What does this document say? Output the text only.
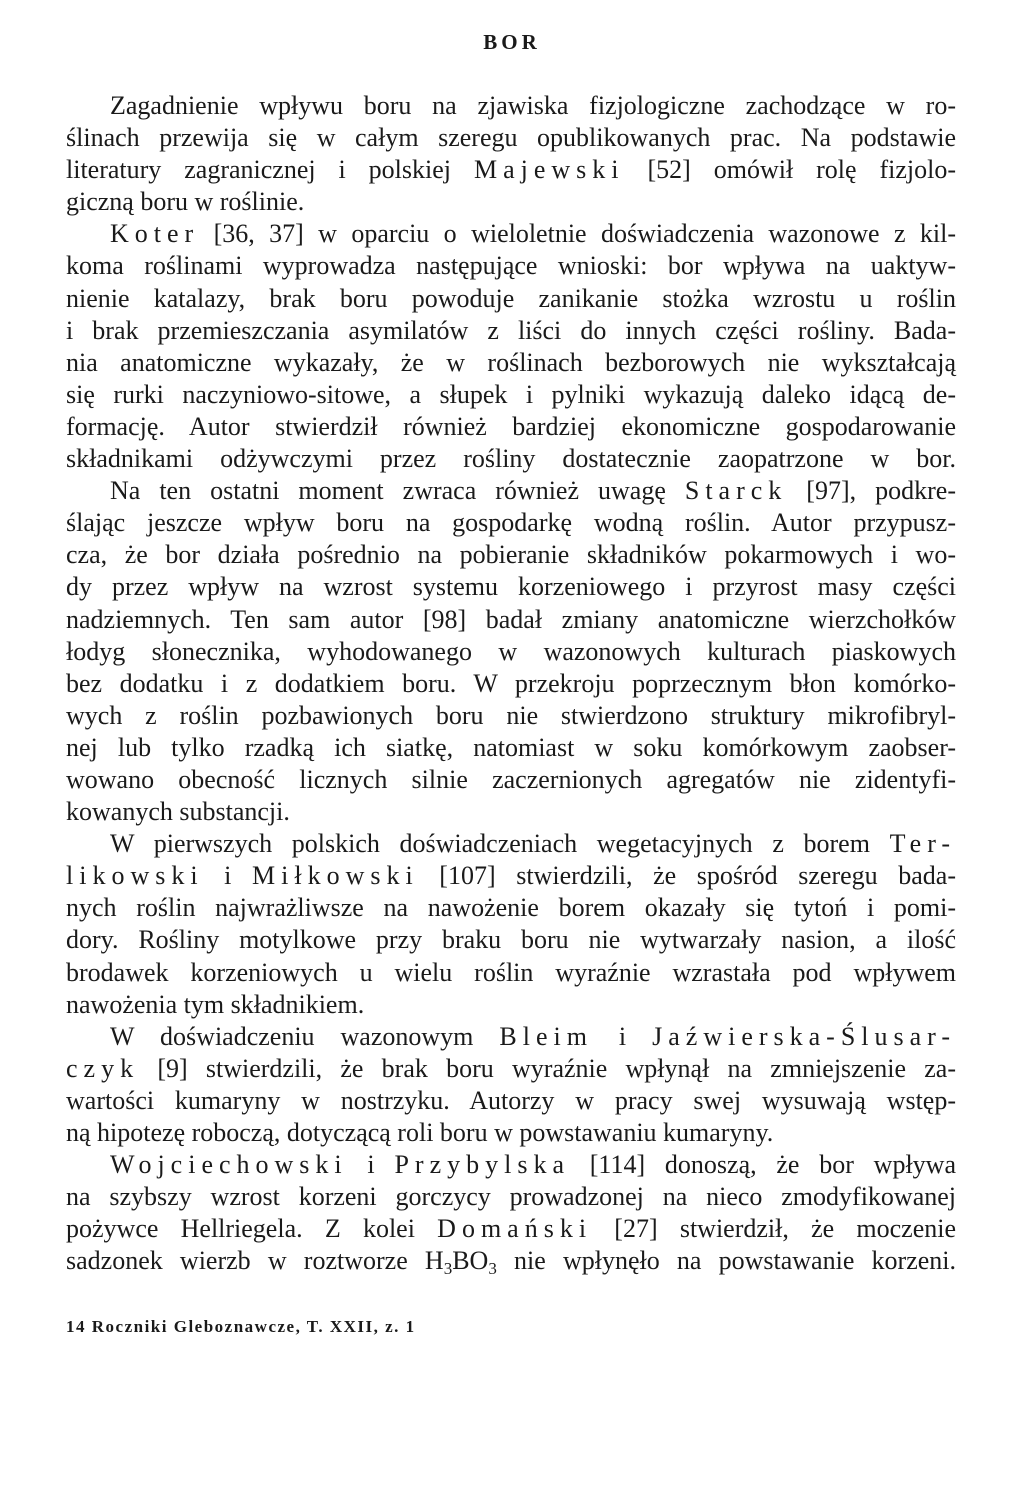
BOR
Zagadnienie wpływu boru na zjawiska fizjologiczne zachodzące w ro-
ślinach przewija się w całym szeregu opublikowanych prac. Na podstawie
literatury zagranicznej i polskiej Majewski [52] omówił rolę fizjolo-
giczną boru w roślinie.
Koter [36, 37] w oparciu o wieloletnie doświadczenia wazonowe z kil-
koma roślinami wyprowadza następujące wnioski: bor wpływa na uaktyw-
nienie katalazy, brak boru powoduje zanikanie stożka wzrostu u roślin
i brak przemieszczania asymilatów z liści do innych części rośliny. Bada-
nia anatomiczne wykazały, że w roślinach bezborowych nie wykształcają
się rurki naczyniowo-sitowe, a słupek i pylniki wykazują daleko idącą de-
formację. Autor stwierdził również bardziej ekonomiczne gospodarowanie
składnikami odżywczymi przez rośliny dostatecznie zaopatrzone w bor.
Na ten ostatni moment zwraca również uwagę Starck [97], podkre-
ślając jeszcze wpływ boru na gospodarkę wodną roślin. Autor przypusz-
cza, że bor działa pośrednio na pobieranie składników pokarmowych i wo-
dy przez wpływ na wzrost systemu korzeniowego i przyrost masy części
nadziemnych. Ten sam autor [98] badał zmiany anatomiczne wierzchołków
łodyg słonecznika, wyhodowanego w wazonowych kulturach piaskowych
bez dodatku i z dodatkiem boru. W przekroju poprzecznym błon komórko-
wych z roślin pozbawionych boru nie stwierdzono struktury mikrofibryl-
nej lub tylko rzadką ich siatkę, natomiast w soku komórkowym zaobser-
wowano obecność licznych silnie zaczernionych agregatów nie zidentyfi-
kowanych substancji.
W pierwszych polskich doświadczeniach wegetacyjnych z borem Ter-
likowski i Miłkowski [107] stwierdzili, że spośród szeregu bada-
nych roślin najwrażliwsze na nawożenie borem okazały się tytoń i pomi-
dory. Rośliny motylkowe przy braku boru nie wytwarzały nasion, a ilość
brodawek korzeniowych u wielu roślin wyraźnie wzrastała pod wpływem
nawożenia tym składnikiem.
W doświadczeniu wazonowym Bleim i Jaźwierska-Ślusar-
czyk [9] stwierdzili, że brak boru wyraźnie wpłynął na zmniejszenie za-
wartości kumaryny w nostrzyku. Autorzy w pracy swej wysuwają wstęp-
ną hipotezę roboczą, dotyczącą roli boru w powstawaniu kumaryny.
Wojciechowski i Przybylska [114] donoszą, że bor wpływa
na szybszy wzrost korzeni gorczycy prowadzonej na nieco zmodyfikowanej
pożywce Hellriegela. Z kolei Domański [27] stwierdził, że moczenie
sadzonek wierzb w roztworze $H_3BO_3$ nie wpłynęło na powstawanie korzeni.
14 Roczniki Gleboznawcze, T. XXII, z. 1
